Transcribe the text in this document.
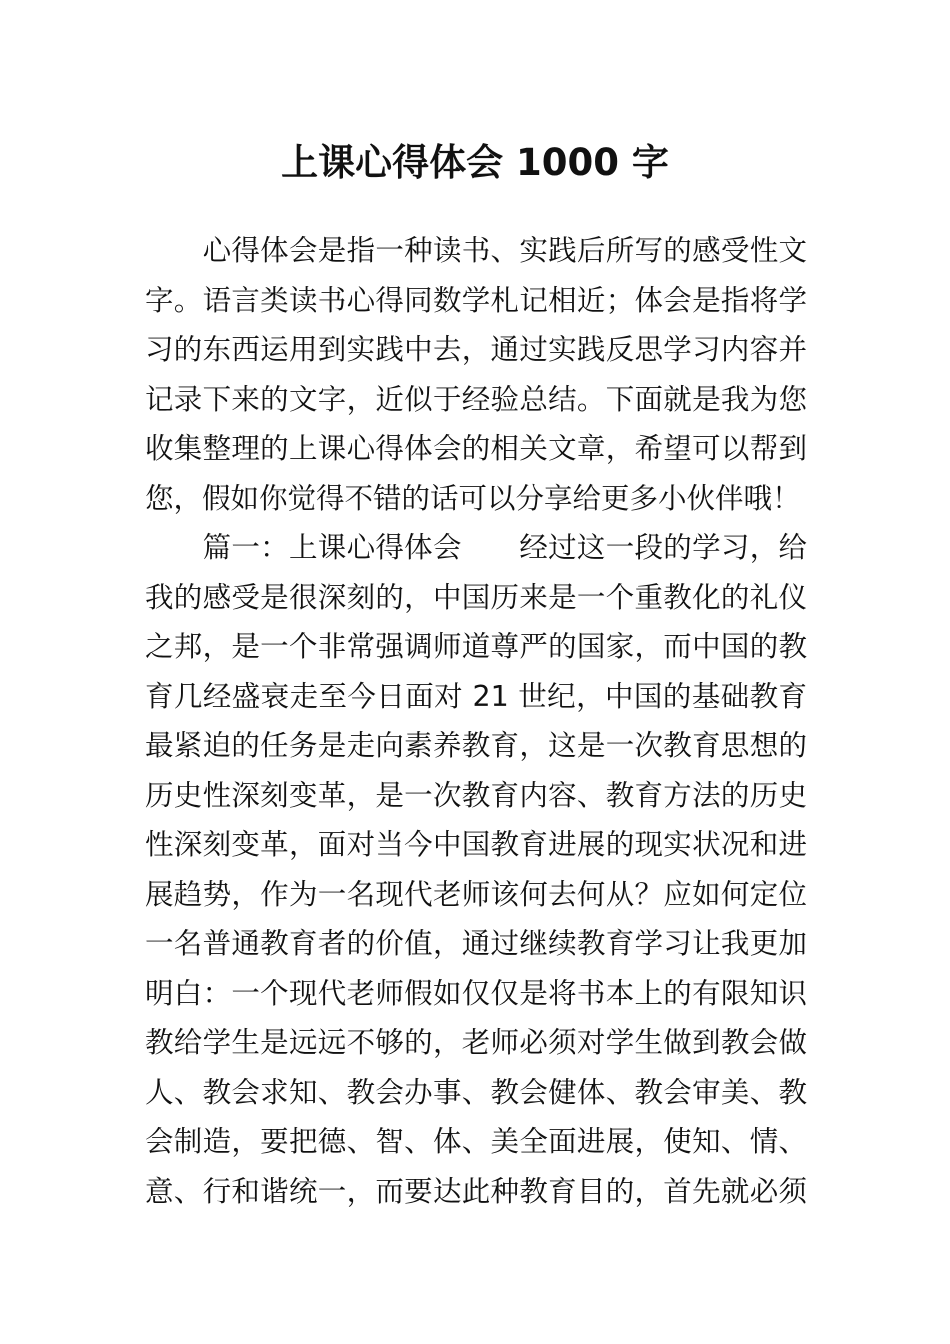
上课心得体会 1000 字
　　心得体会是指一种读书、实践后所写的感受性文
字。语言类读书心得同数学札记相近；体会是指将学
习的东西运用到实践中去，通过实践反思学习内容并
记录下来的文字，近似于经验总结。下面就是我为您
收集整理的上课心得体会的相关文章，希望可以帮到
您，假如你觉得不错的话可以分享给更多小伙伴哦！
　　篇一：上课心得体会　　经过这一段的学习，给
我的感受是很深刻的，中国历来是一个重教化的礼仪
之邦，是一个非常强调师道尊严的国家，而中国的教
育几经盛衰走至今日面对 21 世纪，中国的基础教育
最紧迫的任务是走向素养教育，这是一次教育思想的
历史性深刻变革，是一次教育内容、教育方法的历史
性深刻变革，面对当今中国教育进展的现实状况和进
展趋势，作为一名现代老师该何去何从？应如何定位
一名普通教育者的价值，通过继续教育学习让我更加
明白：一个现代老师假如仅仅是将书本上的有限知识
教给学生是远远不够的，老师必须对学生做到教会做
人、教会求知、教会办事、教会健体、教会审美、教
会制造，要把德、智、体、美全面进展，使知、情、
意、行和谐统一，而要达此种教育目的，首先就必须
